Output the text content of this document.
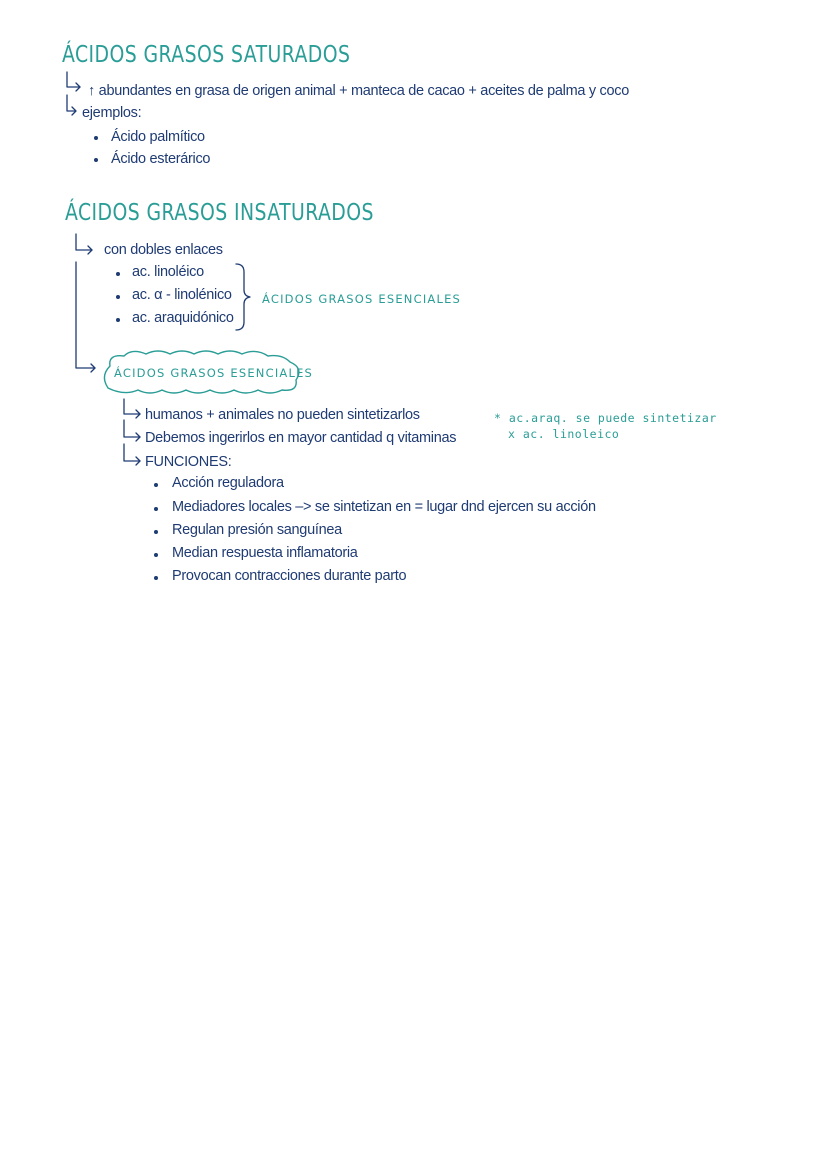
ÁCIDOS GRASOS SATURADOS
↑ abundantes en grasa de origen animal + manteca de cacao + aceites de palma y coco
ejemplos:
Ácido palmítico
Ácido esterárico
ÁCIDOS GRASOS INSATURADOS
con dobles enlaces
ac. linoléico
ac. α - linolénico
ac. araquidónico
ÁCIDOS GRASOS ESENCIALES
ÁCIDOS GRASOS ESENCIALES
humanos + animales no pueden sintetizarlos
Debemos ingerirlos en mayor cantidad q vitaminas
FUNCIONES:
Acción reguladora
Mediadores locales –> se sintetizan en = lugar dnd ejercen su acción
Regulan presión sanguínea
Median respuesta inflamatoria
Provocan contracciones durante parto
* ac.araq. se puede sintetizar
x ac. linoleico
